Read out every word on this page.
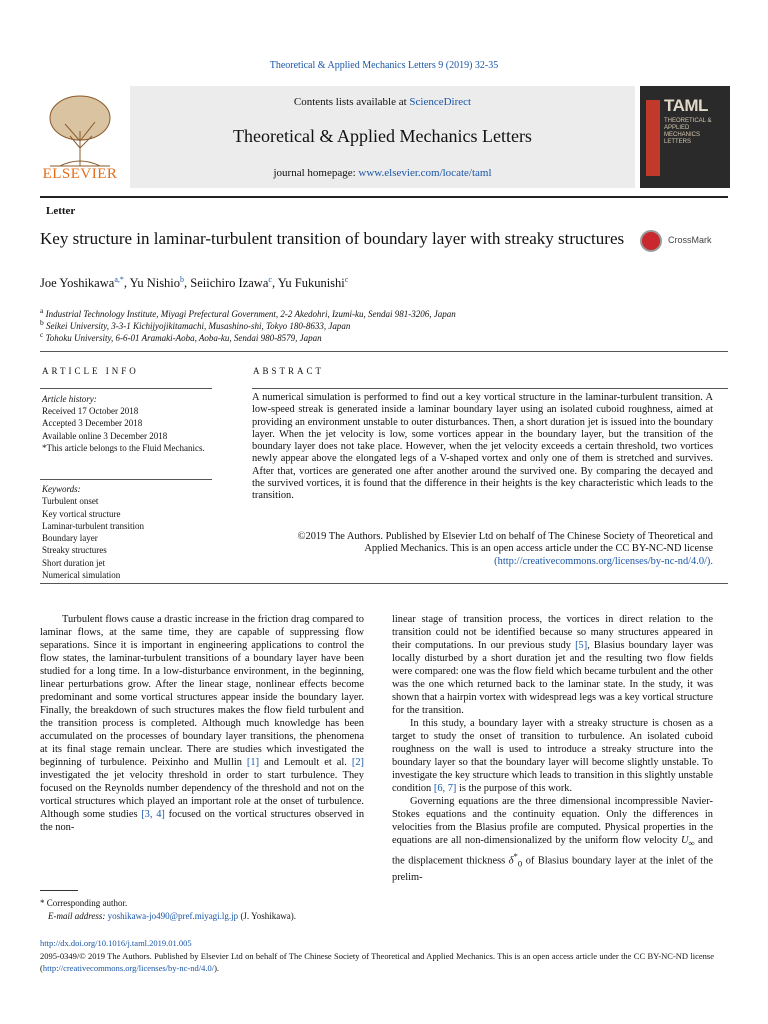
Theoretical & Applied Mechanics Letters 9 (2019) 32-35
ELSEVIER
Contents lists available at ScienceDirect
Theoretical & Applied Mechanics Letters
journal homepage: www.elsevier.com/locate/taml
TAML
THEORETICAL & APPLIED MECHANICS LETTERS
Letter
Key structure in laminar-turbulent transition of boundary layer with streaky structures	CrossMark
Joe Yoshikawa$^{a,*}$, Yu Nishio$^b$, Seiichiro Izawa$^c$, Yu Fukunishi$^c$
$^a$ Industrial Technology Institute, Miyagi Prefectural Government, 2-2 Akedohri, Izumi-ku, Sendai 981-3206, Japan
$^b$ Seikei University, 3-3-1 Kichijyojikitamachi, Musashino-shi, Tokyo 180-8633, Japan
$^c$ Tohoku University, 6-6-01 Aramaki-Aoba, Aoba-ku, Sendai 980-8579, Japan
ARTICLE INFO	ABSTRACT
Article history:
Received 17 October 2018
Accepted 3 December 2018
Available online 3 December 2018
*This article belongs to the Fluid Mechanics.
Keywords:
Turbulent onset
Key vortical structure
Laminar-turbulent transition
Boundary layer
Streaky structures
Short duration jet
Numerical simulation
A numerical simulation is performed to find out a key vortical structure in the laminar-turbulent transition. A low-speed streak is generated inside a laminar boundary layer using an isolated cuboid roughness, aimed at providing an environment unstable to outer disturbances. Then, a short duration jet is issued into the boundary layer. When the jet velocity is low, some vortices appear in the boundary layer, but the transition of the boundary layer does not take place. However, when the jet velocity exceeds a certain threshold, two vortices newly appear above the elongated legs of a V-shaped vortex and only one of them is stretched and survives. After that, vortices are generated one after another around the survived one. By comparing the decayed and the survived vortices, it is found that the difference in their heights is the key characteristic which leads to the transition.
©2019 The Authors. Published by Elsevier Ltd on behalf of The Chinese Society of Theoretical and
Applied Mechanics. This is an open access article under the CC BY-NC-ND license
(http://creativecommons.org/licenses/by-nc-nd/4.0/).

Turbulent flows cause a drastic increase in the friction drag compared to laminar flows, at the same time, they are capable of suppressing flow separations. Since it is important in engineering applications to control the flow states, the laminar-turbulent transitions of a boundary layer have been studied for a long time. In a low-disturbance environment, in the beginning, linear perturbations grow. After the linear stage, nonlinear effects become predominant and some vortical structures appear inside the boundary layer. Finally, the breakdown of such structures makes the flow field turbulent and the transition process is completed. Although much knowledge has been accumulated on the processes of boundary layer transitions, the phenomena at its final stage remain unclear. There are studies which investigated the beginning of turbulence. Peixinho and Mullin [1] and Lemoult et al. [2] investigated the jet velocity threshold in order to start turbulence. They focused on the Reynolds number dependency of the threshold and not on the vortical structures which played an important role at the onset of turbulence. Although some studies [3, 4] focused on the vortical structures observed in the non-

linear stage of transition process, the vortices in direct relation to the transition could not be identified because so many structures appeared in their computations. In our previous study [5], Blasius boundary layer was locally disturbed by a short duration jet and the resulting two flow fields were compared: one was the flow field which became turbulent and the other was the one which returned back to the laminar state. In the study, it was shown that a hairpin vortex with widespread legs was a key vortical structure for the transition.

In this study, a boundary layer with a streaky structure is chosen as a target to study the onset of transition to turbulence. An isolated cuboid roughness on the wall is used to introduce a streaky structure into the boundary layer so that the boundary layer will become slightly unstable. To investigate the key structure which leads to transition in this slightly unstable condition [6, 7] is the purpose of this work.

Governing equations are the three dimensional incompressible Navier-Stokes equations and the continuity equation. Only the differences in velocities from the Blasius profile are computed. Physical properties in the equations are all non-dimensionalized by the uniform flow velocity $U_\infty$ and the displacement thickness $\delta^*_0$ of Blasius boundary layer at the inlet of the prelim-

* Corresponding author.
E-mail address: yoshikawa-jo490@pref.miyagi.lg.jp (J. Yoshikawa).
http://dx.doi.org/10.1016/j.taml.2019.01.005
2095-0349/© 2019 The Authors. Published by Elsevier Ltd on behalf of The Chinese Society of Theoretical and Applied Mechanics. This is an open access article under the CC BY-NC-ND license (http://creativecommons.org/licenses/by-nc-nd/4.0/).
